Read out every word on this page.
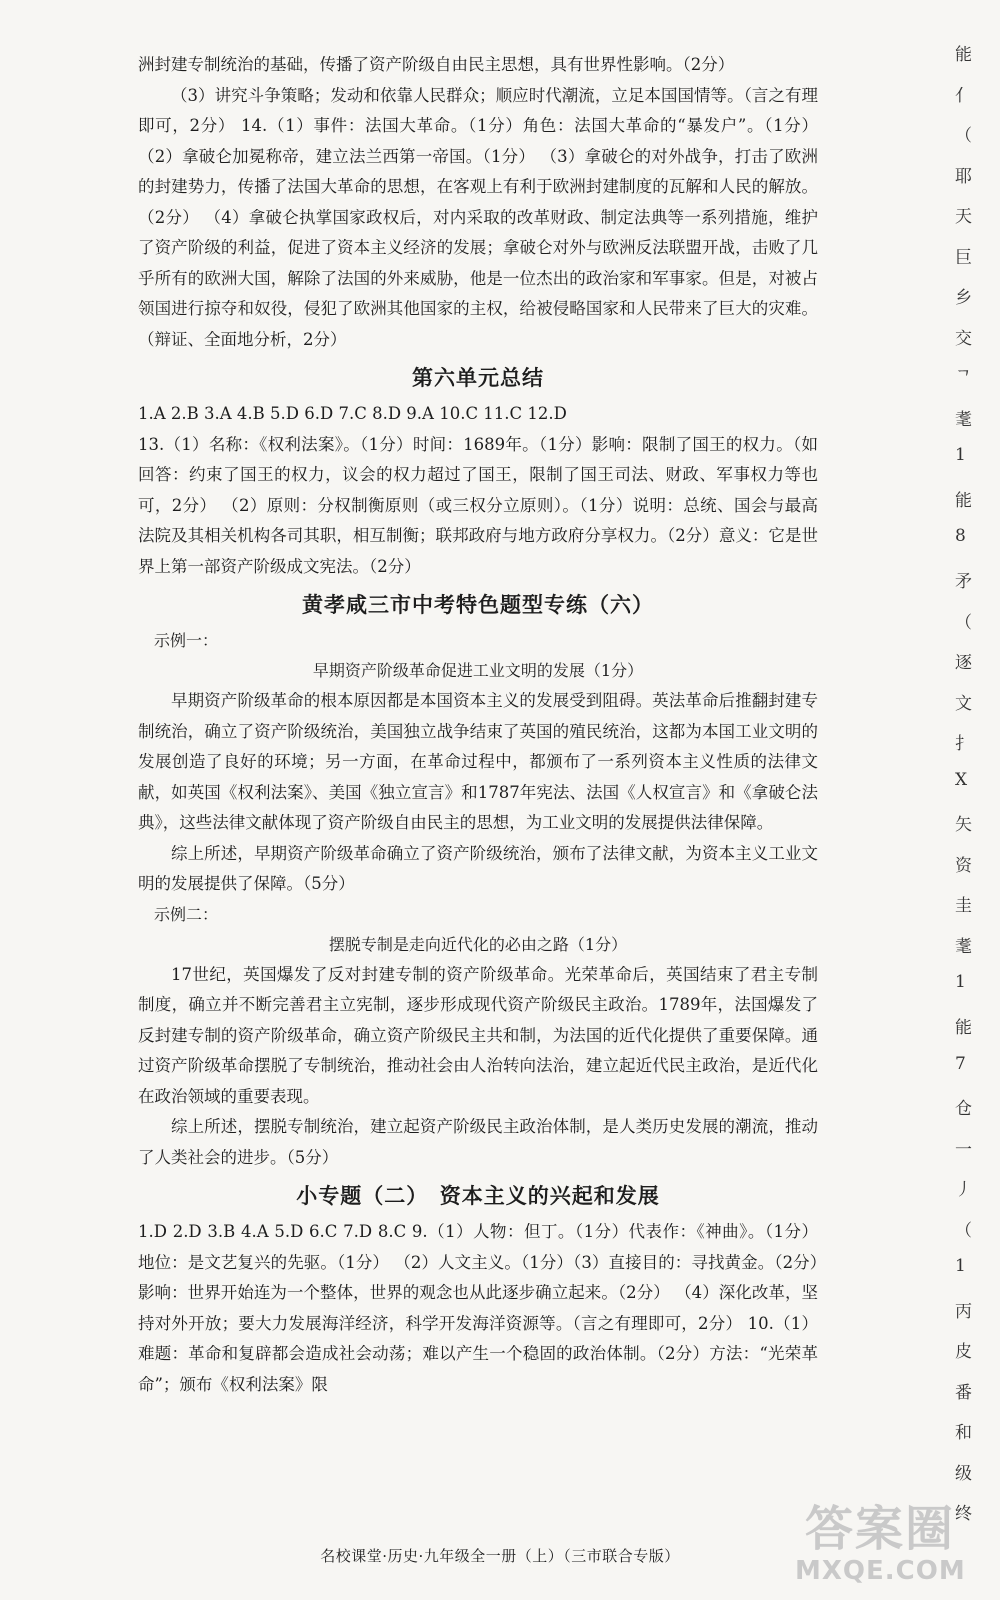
洲封建专制统治的基础，传播了资产阶级自由民主思想，具有世界性影响。（2分）

（3）讲究斗争策略；发动和依靠人民群众；顺应时代潮流，立足本国国情等。（言之有理即可，2分） 14.（1）事件：法国大革命。（1分）角色：法国大革命的“暴发户”。（1分） （2）拿破仑加冕称帝，建立法兰西第一帝国。（1分） （3）拿破仑的对外战争，打击了欧洲的封建势力，传播了法国大革命的思想，在客观上有利于欧洲封建制度的瓦解和人民的解放。（2分） （4）拿破仑执掌国家政权后，对内采取的改革财政、制定法典等一系列措施，维护了资产阶级的利益，促进了资本主义经济的发展；拿破仑对外与欧洲反法联盟开战，击败了几乎所有的欧洲大国，解除了法国的外来威胁，他是一位杰出的政治家和军事家。但是，对被占领国进行掠夺和奴役，侵犯了欧洲其他国家的主权，给被侵略国家和人民带来了巨大的灾难。（辩证、全面地分析，2分）

第六单元总结

1.A 2.B 3.A 4.B 5.D 6.D 7.C 8.D 9.A 10.C 11.C 12.D

13.（1）名称：《权利法案》。（1分）时间：1689年。（1分）影响：限制了国王的权力。（如回答：约束了国王的权力，议会的权力超过了国王，限制了国王司法、财政、军事权力等也可，2分） （2）原则：分权制衡原则（或三权分立原则）。（1分）说明：总统、国会与最高法院及其相关机构各司其职，相互制衡；联邦政府与地方政府分享权力。（2分）意义：它是世界上第一部资产阶级成文宪法。（2分）

黄孝咸三市中考特色题型专练（六）

示例一：

早期资产阶级革命促进工业文明的发展（1分）

早期资产阶级革命的根本原因都是本国资本主义的发展受到阻碍。英法革命后推翻封建专制统治，确立了资产阶级统治，美国独立战争结束了英国的殖民统治，这都为本国工业文明的发展创造了良好的环境；另一方面，在革命过程中，都颁布了一系列资本主义性质的法律文献，如英国《权利法案》、美国《独立宣言》和1787年宪法、法国《人权宣言》和《拿破仑法典》，这些法律文献体现了资产阶级自由民主的思想，为工业文明的发展提供法律保障。

综上所述，早期资产阶级革命确立了资产阶级统治，颁布了法律文献，为资本主义工业文明的发展提供了保障。（5分）

示例二：

摆脱专制是走向近代化的必由之路（1分）

17世纪，英国爆发了反对封建专制的资产阶级革命。光荣革命后，英国结束了君主专制制度，确立并不断完善君主立宪制，逐步形成现代资产阶级民主政治。1789年，法国爆发了反封建专制的资产阶级革命，确立资产阶级民主共和制，为法国的近代化提供了重要保障。通过资产阶级革命摆脱了专制统治，推动社会由人治转向法治，建立起近代民主政治，是近代化在政治领域的重要表现。

综上所述，摆脱专制统治，建立起资产阶级民主政治体制，是人类历史发展的潮流，推动了人类社会的进步。（5分）

小专题（二）　资本主义的兴起和发展

1.D 2.D 3.B 4.A 5.D 6.C 7.D 8.C 9.（1）人物：但丁。（1分）代表作：《神曲》。（1分）地位：是文艺复兴的先驱。（1分） （2）人文主义。（1分）（3）直接目的：寻找黄金。（2分）影响：世界开始连为一个整体，世界的观念也从此逐步确立起来。（2分） （4）深化改革，坚持对外开放；要大力发展海洋经济，科学开发海洋资源等。（言之有理即可，2分） 10.（1）难题：革命和复辟都会造成社会动荡；难以产生一个稳固的政治体制。（2分）方法：“光荣革命”；颁布《权利法案》限

能
亻
（
耶
天
巨
乡
交
ᄀ
耄
1
能
8
矛
（
逐
文
扌
X
矢
资
圭
耄
1
能
7
仓
一
丿
（
1
丙
皮
番
和
级
终
名校课堂·历史·九年级全一册（上）（三市联合专版）	答案圈
MXQE.COM
